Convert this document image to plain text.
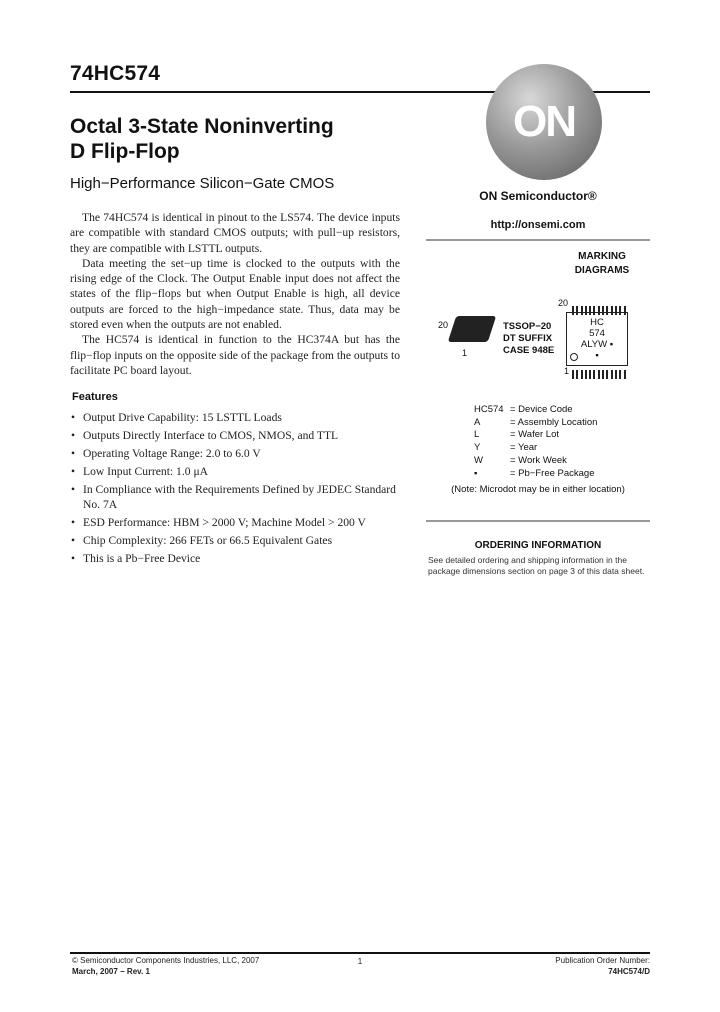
74HC574
Octal 3-State Noninverting
D Flip-Flop
High−Performance Silicon−Gate CMOS

The 74HC574 is identical in pinout to the LS574. The device inputs are compatible with standard CMOS outputs; with pull−up resistors, they are compatible with LSTTL outputs.

Data meeting the set−up time is clocked to the outputs with the rising edge of the Clock. The Output Enable input does not affect the states of the flip−flops but when Output Enable is high, all device outputs are forced to the high−impedance state. Thus, data may be stored even when the outputs are not enabled.

The HC574 is identical in function to the HC374A but has the flip−flop inputs on the opposite side of the package from the outputs to facilitate PC board layout.

Features
• Output Drive Capability: 15 LSTTL Loads
• Outputs Directly Interface to CMOS, NMOS, and TTL
• Operating Voltage Range: 2.0 to 6.0 V
• Low Input Current: 1.0 μA
• In Compliance with the Requirements Defined by JEDEC Standard No. 7A
• ESD Performance: HBM > 2000 V; Machine Model > 200 V
• Chip Complexity: 266 FETs or 66.5 Equivalent Gates
• This is a Pb−Free Device
ON
ON Semiconductor®
http://onsemi.com
MARKING
DIAGRAMS
20
1
TSSOP−20
DT SUFFIX
CASE 948E
20
HC
574
ALYW ▪
▪
1
HC574	= Device Code
A	= Assembly Location
L	= Wafer Lot
Y	= Year
W	= Work Week
▪	= Pb−Free Package
(Note: Microdot may be in either location)
ORDERING INFORMATION
See detailed ordering and shipping information in the package dimensions section on page 3 of this data sheet.
© Semiconductor Components Industries, LLC, 2007
March, 2007 − Rev. 1
1	Publication Order Number:
74HC574/D
